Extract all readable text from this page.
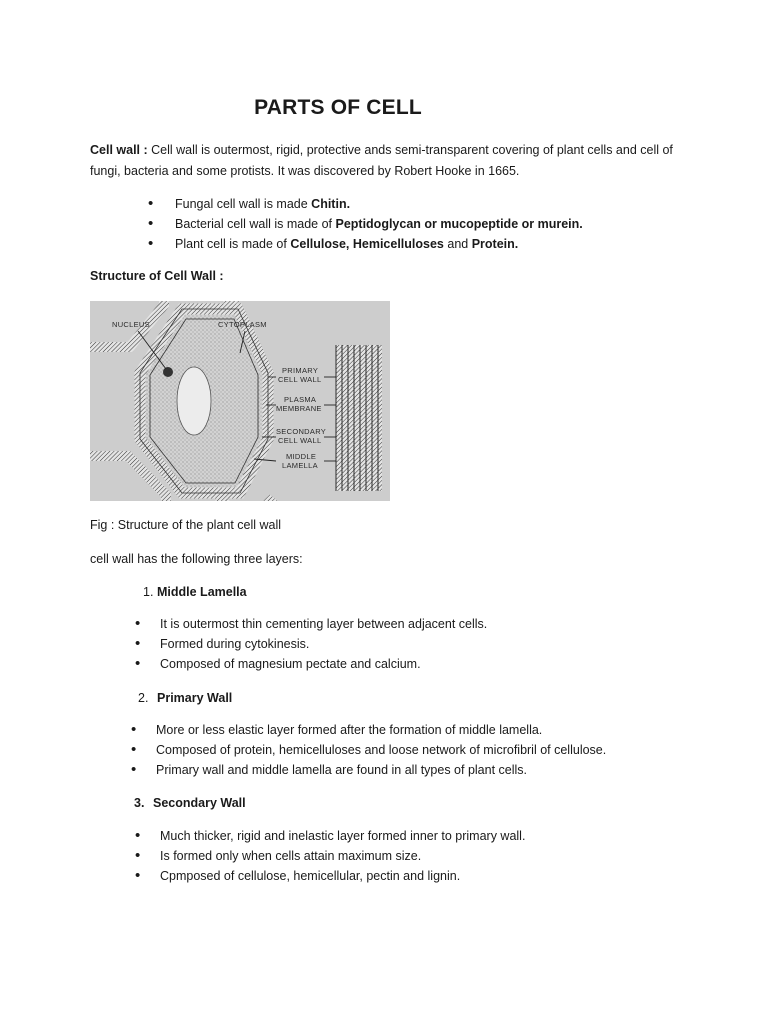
PARTS OF CELL

Cell wall : Cell wall is outermost, rigid, protective ands semi-transparent covering of plant cells and cell of fungi, bacteria and some protists. It was discovered by Robert Hooke in 1665.

• Fungal cell wall is made Chitin.
• Bacterial cell wall is made of Peptidoglycan or mucopeptide or murein.
• Plant cell is made of Cellulose, Hemicelluloses and Protein.
Structure of Cell Wall :
NUCLEUS	CYTOPLASM
PRIMARY
CELL WALL
PLASMA
MEMBRANE
SECONDARY
CELL WALL
MIDDLE
LAMELLA
Fig : Structure of the plant cell wall
cell wall has the following three layers:
1. Middle Lamella
• It is outermost thin cementing layer between adjacent cells.
• Formed during cytokinesis.
• Composed of magnesium pectate and calcium.
2. Primary Wall
• More or less elastic layer formed after the formation of middle lamella.
• Composed of protein, hemicelluloses and loose network of microfibril of cellulose.
• Primary wall and middle lamella are found in all types of plant cells.
3. Secondary Wall
• Much thicker, rigid and inelastic layer formed inner to primary wall.
• Is formed only when cells attain maximum size.
• Cpmposed of cellulose, hemicellular, pectin and lignin.
